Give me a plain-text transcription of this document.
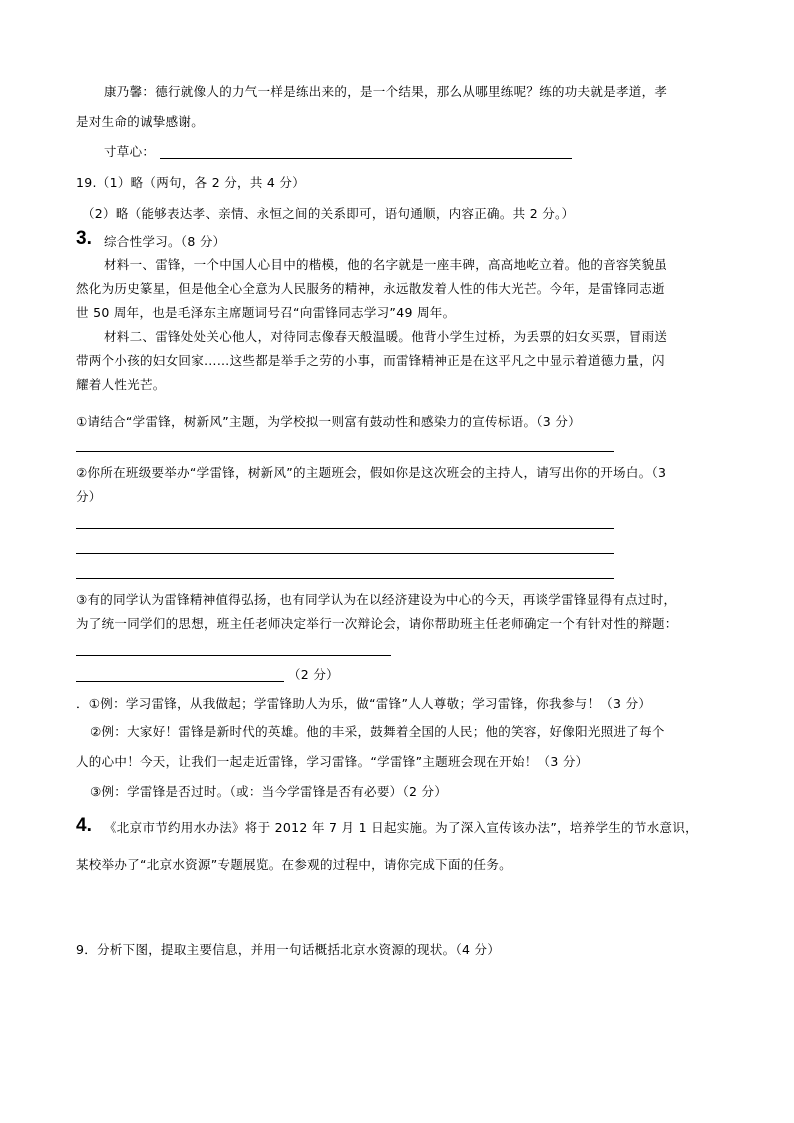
康乃馨：德行就像人的力气一样是练出来的，是一个结果，那么从哪里练呢？练的功夫就是孝道，孝
是对生命的诚挚感谢。
寸草心：
19.（1）略（两句，各 2 分，共 4 分）
（2）略（能够表达孝、亲情、永恒之间的关系即可，语句通顺，内容正确。共 2 分。）
3. 综合性学习。（8 分）
材料一、雷锋，一个中国人心目中的楷模，他的名字就是一座丰碑，高高地屹立着。他的音容笑貌虽
然化为历史篆星，但是他全心全意为人民服务的精神，永远散发着人性的伟大光芒。今年，是雷锋同志逝
世 50 周年，也是毛泽东主席题词号召“向雷锋同志学习”49 周年。
材料二、雷锋处处关心他人，对待同志像春天般温暖。他背小学生过桥，为丢票的妇女买票，冒雨送
带两个小孩的妇女回家……这些都是举手之劳的小事，而雷锋精神正是在这平凡之中显示着道德力量，闪
耀着人性光芒。
①请结合“学雷锋，树新风”主题，为学校拟一则富有鼓动性和感染力的宣传标语。（3 分）
②你所在班级要举办“学雷锋，树新风”的主题班会，假如你是这次班会的主持人，请写出你的开场白。（3
分）
③有的同学认为雷锋精神值得弘扬，也有同学认为在以经济建设为中心的今天，再谈学雷锋显得有点过时，
为了统一同学们的思想，班主任老师决定举行一次辩论会，请你帮助班主任老师确定一个有针对性的辩题：
（2 分）
．①例：学习雷锋，从我做起；学雷锋助人为乐，做“雷锋”人人尊敬；学习雷锋，你我参与！（3 分）
②例：大家好！雷锋是新时代的英雄。他的丰采，鼓舞着全国的人民；他的笑容，好像阳光照进了每个
人的心中！今天，让我们一起走近雷锋，学习雷锋。“学雷锋”主题班会现在开始！（3 分）
③例：学雷锋是否过时。（或：当今学雷锋是否有必要）（2 分）
4. 《北京市节约用水办法》将于 2012 年 7 月 1 日起实施。为了深入宣传该办法”，培养学生的节水意识，
某校举办了“北京水资源”专题展览。在参观的过程中，请你完成下面的任务。
9．分析下图，提取主要信息，并用一句话概括北京水资源的现状。（4 分）
